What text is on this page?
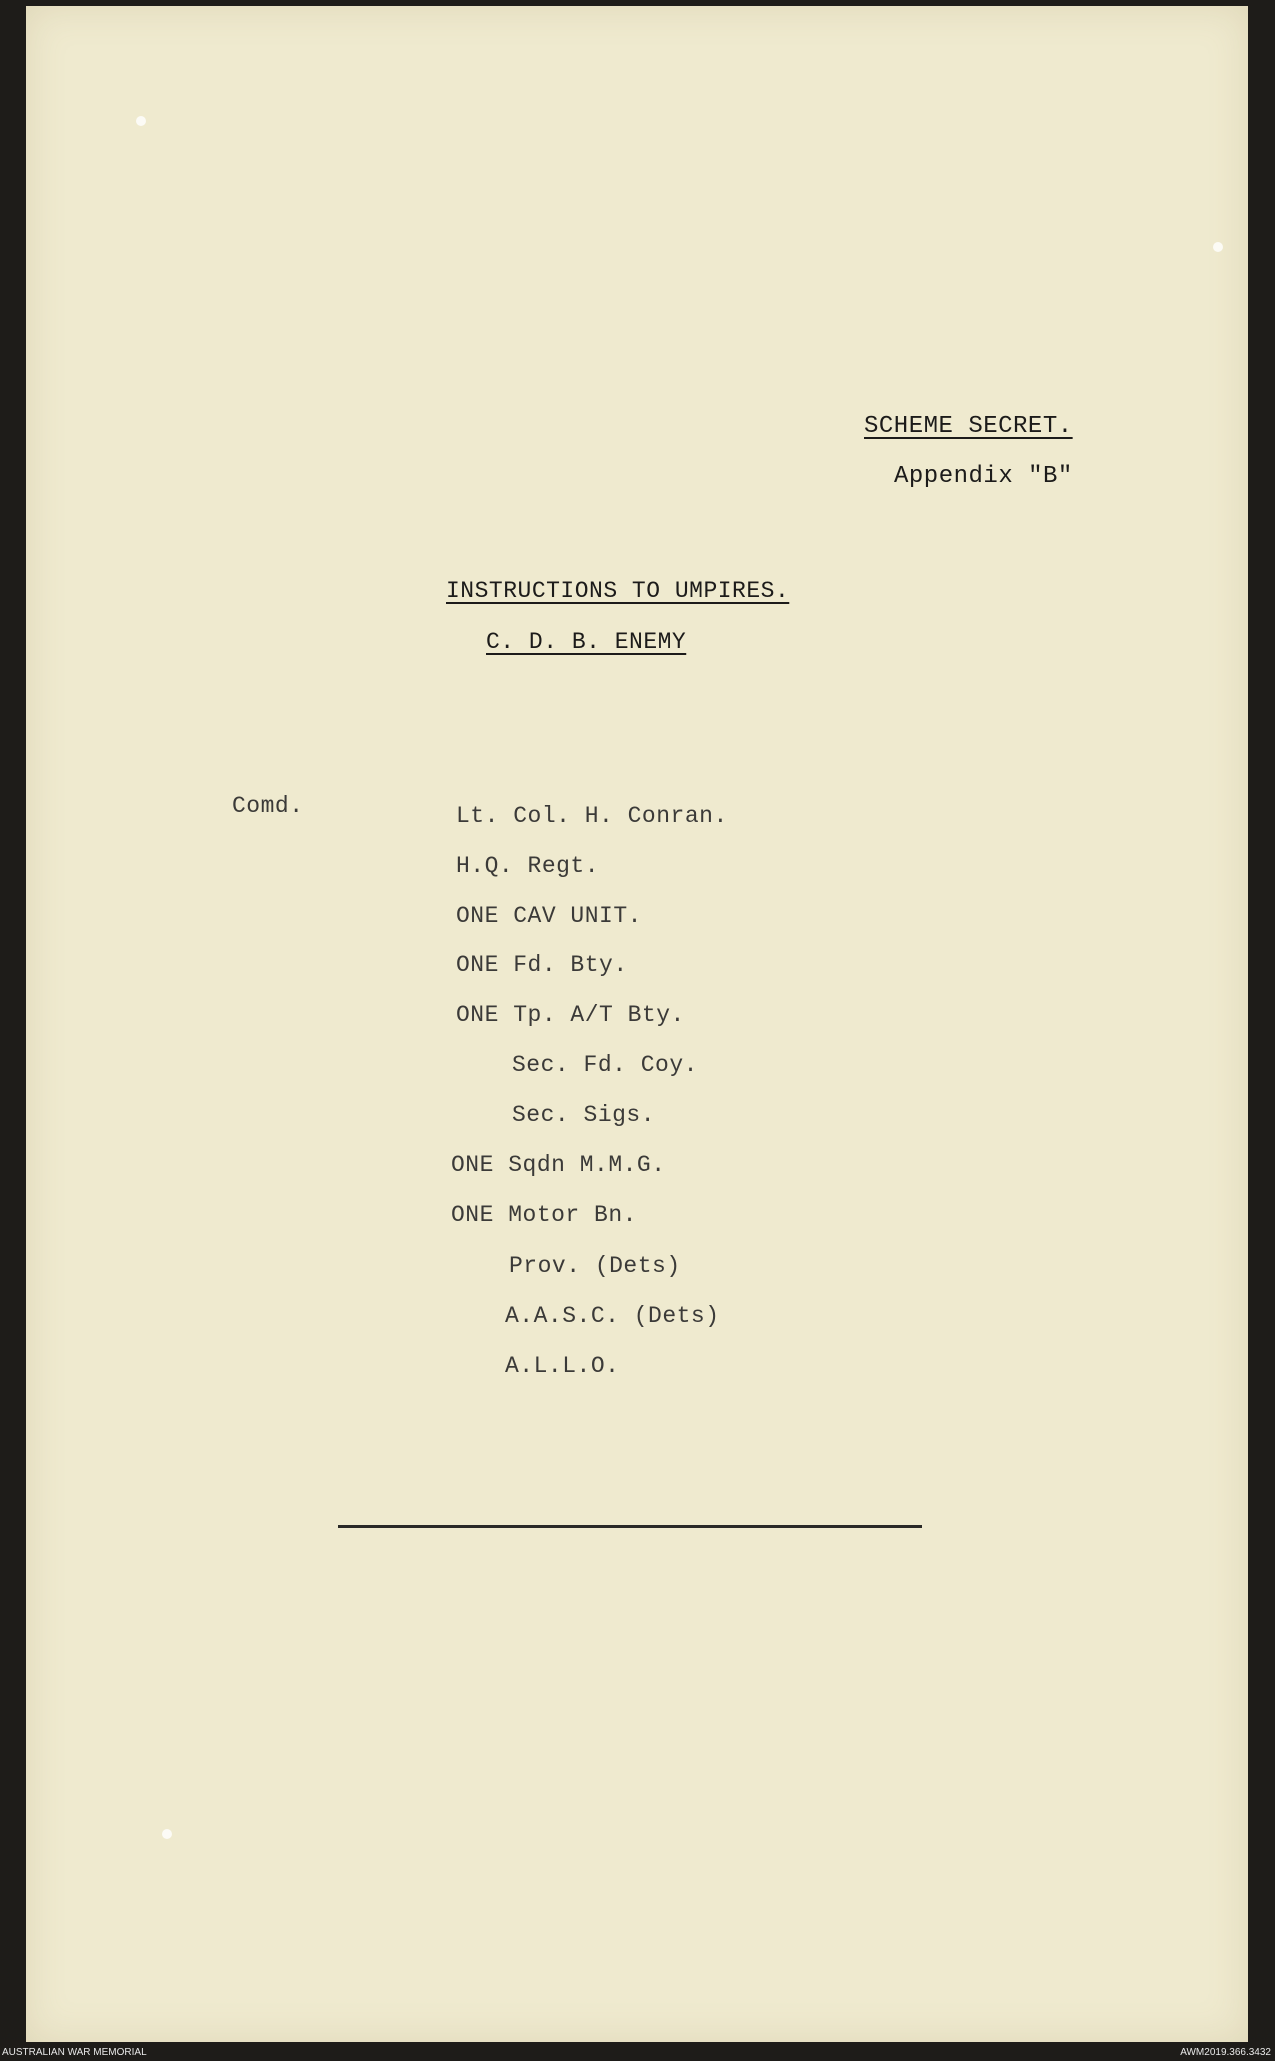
SCHEME SECRET.
Appendix "B"
INSTRUCTIONS TO UMPIRES.
C. D. B. ENEMY
Comd.	Lt. Col. H. Conran.
H.Q. Regt.
ONE CAV UNIT.
ONE Fd. Bty.
ONE Tp. A/T Bty.
Sec. Fd. Coy.
Sec. Sigs.
ONE Sqdn M.M.G.
ONE Motor Bn.
Prov. (Dets)
A.A.S.C. (Dets)
A.L.L.O.
AUSTRALIAN WAR MEMORIAL	AWM2019.366.3432
